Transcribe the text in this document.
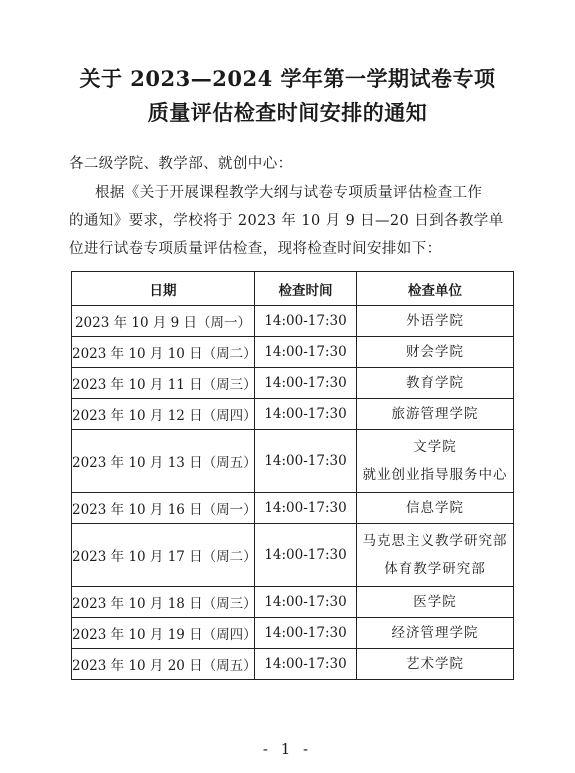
关于 2023—2024 学年第一学期试卷专项
质量评估检查时间安排的通知
各二级学院、教学部、就创中心：
根据《关于开展课程教学大纲与试卷专项质量评估检查工作
的通知》要求，学校将于 2023 年 10 月 9 日—20 日到各教学单
位进行试卷专项质量评估检查，现将检查时间安排如下：
日期	检查时间	检查单位
2023 年 10 月 9 日（周一）	14:00-17:30	外语学院

2023 年 10 月 10 日（周二）	14:00-17:30	财会学院

2023 年 10 月 11 日（周三）	14:00-17:30	教育学院

2023 年 10 月 12 日（周四）	14:00-17:30	旅游管理学院

2023 年 10 月 13 日（周五）	14:00-17:30	文学院
就业创业指导服务中心

2023 年 10 月 16 日（周一）	14:00-17:30	信息学院

2023 年 10 月 17 日（周二）	14:00-17:30	马克思主义教学研究部
体育教学研究部

2023 年 10 月 18 日（周三）	14:00-17:30	医学院

2023 年 10 月 19 日（周四）	14:00-17:30	经济管理学院

2023 年 10 月 20 日（周五）	14:00-17:30	艺术学院
- 1 -
